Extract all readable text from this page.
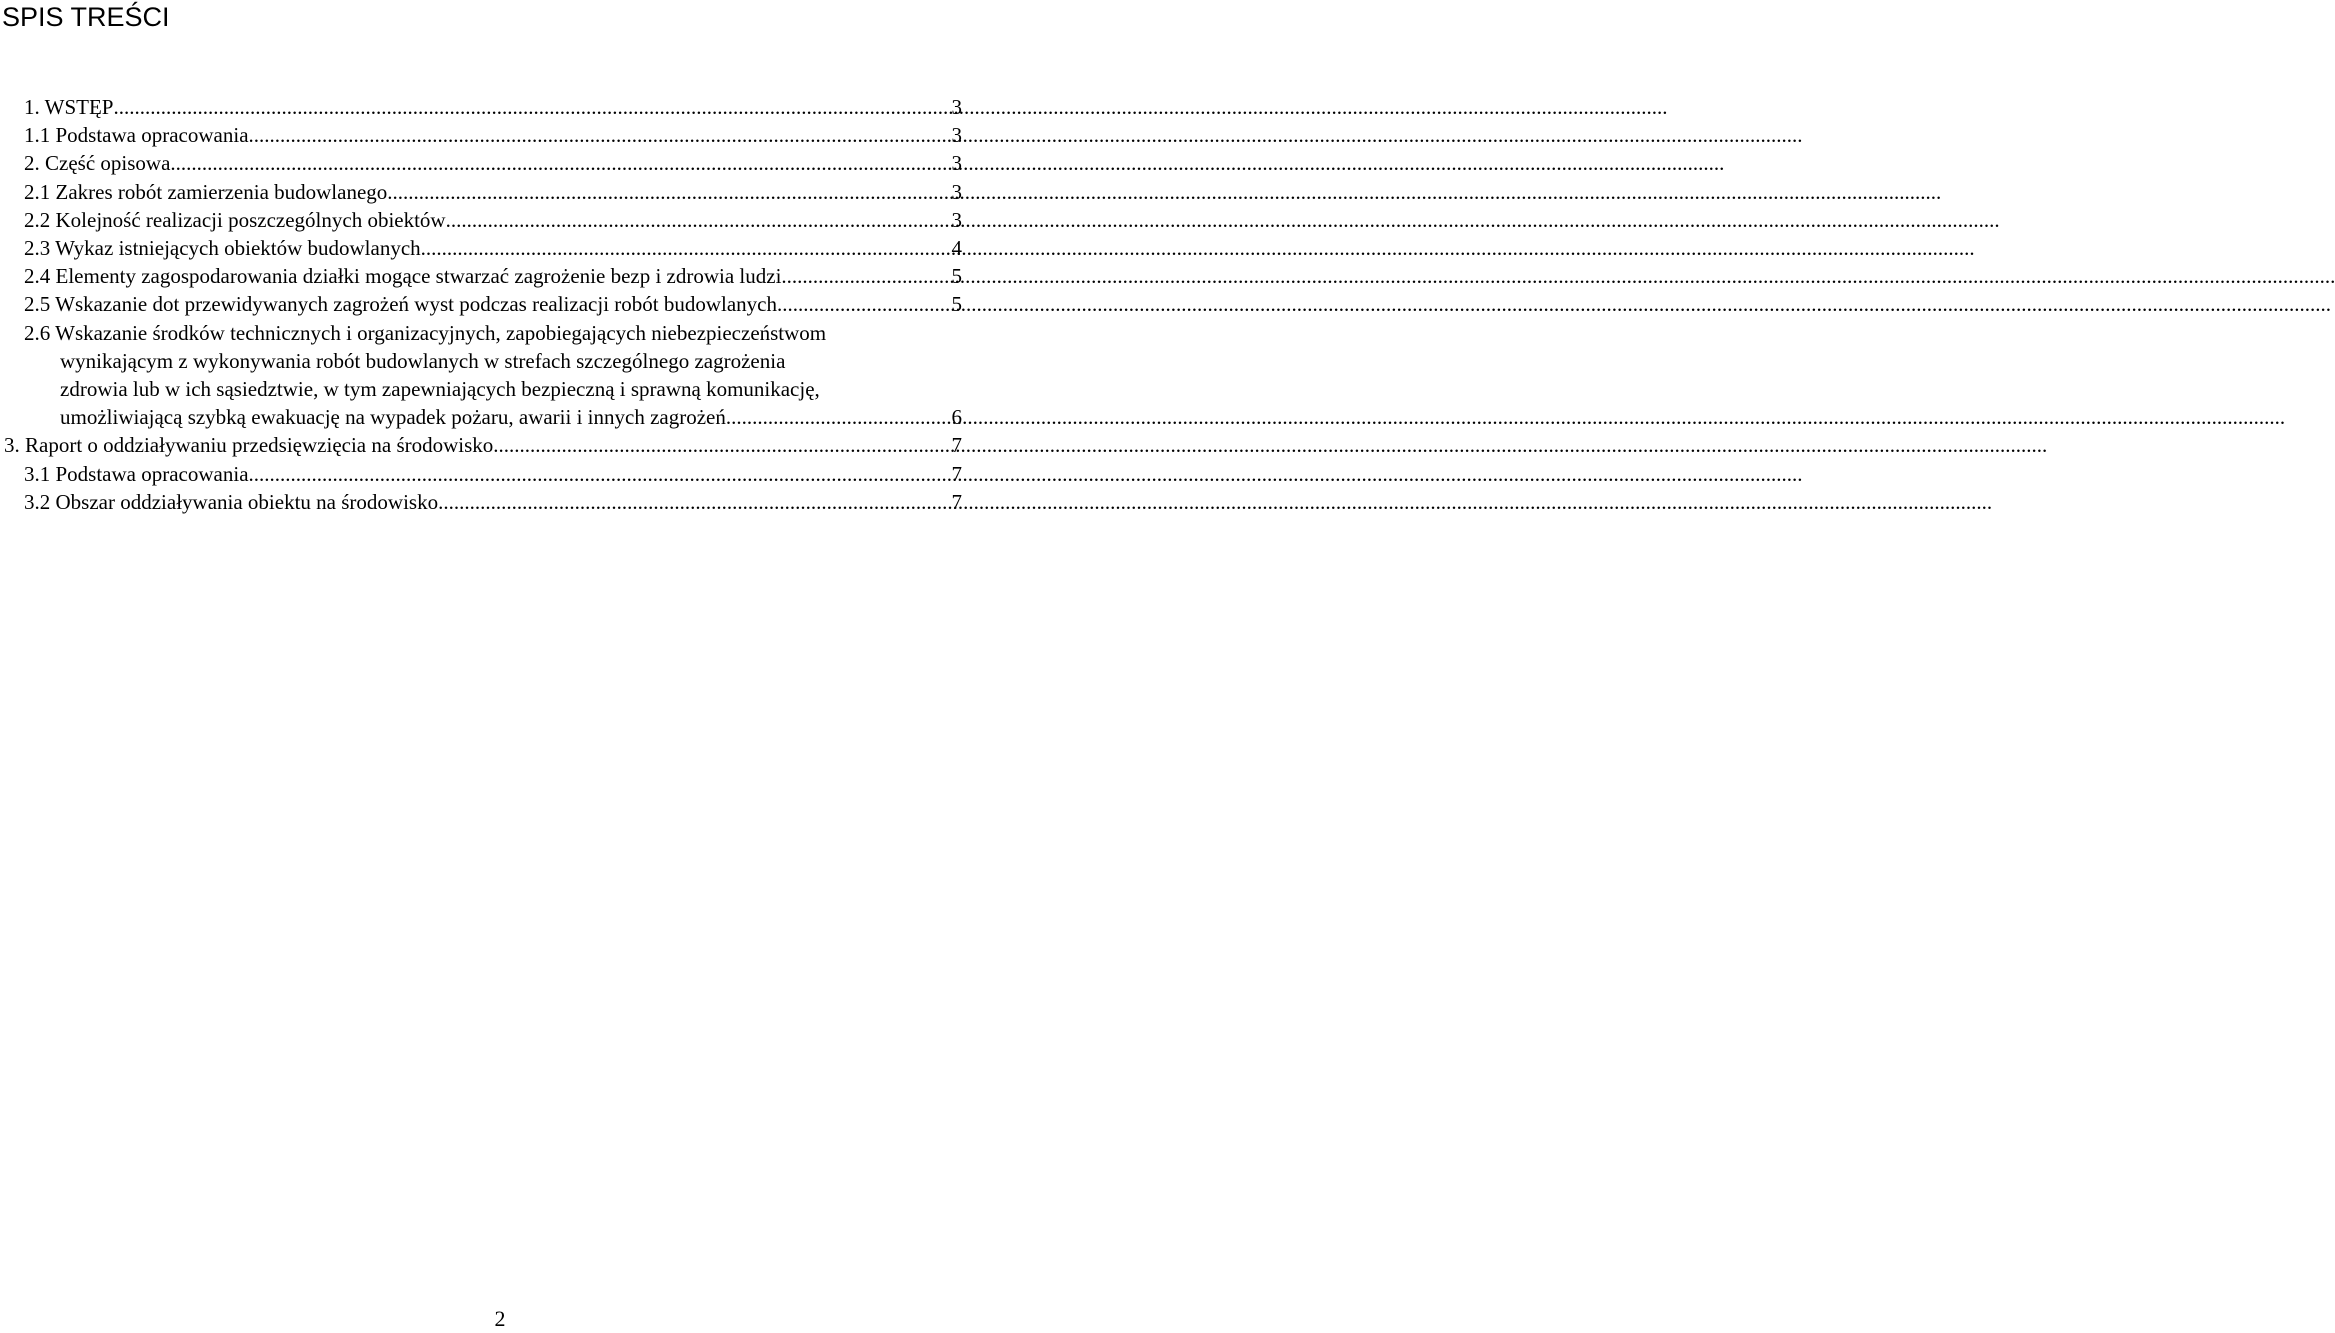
SPIS TREŚCI
1. WSTĘP .....	3
1.1 Podstawa opracowania .....	3
2. Część opisowa .....	3
2.1 Zakres robót zamierzenia budowlanego .....	3
2.2 Kolejność realizacji poszczególnych obiektów .....	3
2.3 Wykaz istniejących obiektów budowlanych .....	4
2.4 Elementy zagospodarowania działki mogące stwarzać zagrożenie bezp i zdrowia ludzi .....	5
2.5 Wskazanie dot przewidywanych zagrożeń wyst podczas realizacji robót budowlanych .....	5
2.6 Wskazanie środków technicznych i organizacyjnych, zapobiegających niebezpieczeństwom
wynikającym z wykonywania robót budowlanych w strefach szczególnego zagrożenia
zdrowia lub w ich sąsiedztwie, w tym zapewniających bezpieczną i sprawną komunikację,
umożliwiającą szybką ewakuację na wypadek pożaru, awarii i innych zagrożeń. .....	6
3. Raport o oddziaływaniu przedsięwzięcia na środowisko .....	7
3.1 Podstawa opracowania .....	7
3.2 Obszar oddziaływania obiektu na środowisko .....	7
2
